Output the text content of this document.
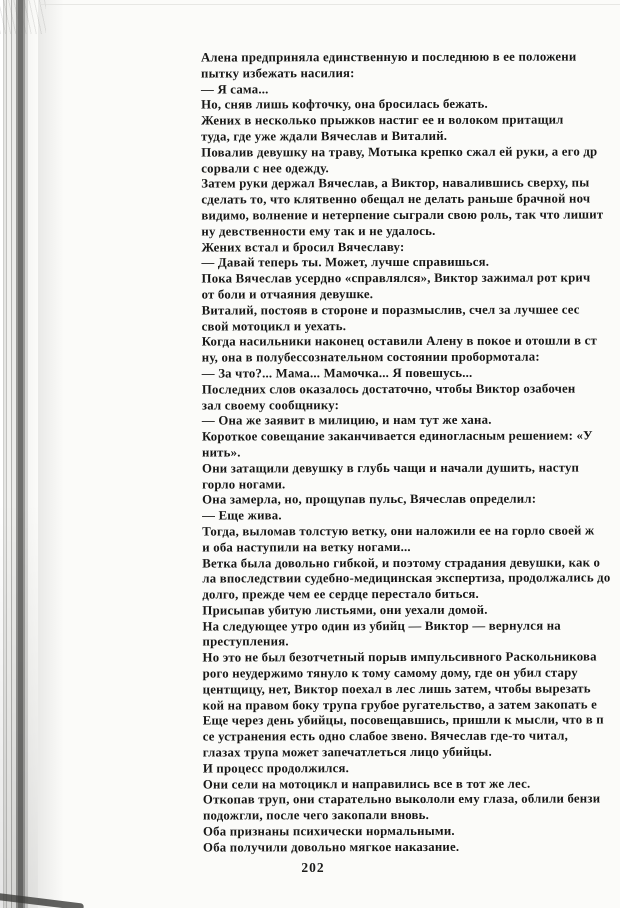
Алена предприняла единственную и последнюю в ее положени
пытку избежать насилия:
— Я сама...
Но, сняв лишь кофточку, она бросилась бежать.
Жених в несколько прыжков настиг ее и волоком притащил
туда, где уже ждали Вячеслав и Виталий.
Повалив девушку на траву, Мотыка крепко сжал ей руки, а его др
сорвали с нее одежду.
Затем руки держал Вячеслав, а Виктор, навалившись сверху, пы
сделать то, что клятвенно обещал не делать раньше брачной ноч
видимо, волнение и нетерпение сыграли свою роль, так что лишит
ну девственности ему так и не удалось.
Жених встал и бросил Вячеславу:
— Давай теперь ты. Может, лучше справишься.
Пока Вячеслав усердно «справлялся», Виктор зажимал рот крич
от боли и отчаяния девушке.
Виталий, постояв в стороне и поразмыслив, счел за лучшее сес
свой мотоцикл и уехать.
Когда насильники наконец оставили Алену в покое и отошли в ст
ну, она в полубессознательном состоянии пробормотала:
— За что?... Мама... Мамочка... Я повешусь...
Последних слов оказалось достаточно, чтобы Виктор озабочен
зал своему сообщнику:
— Она же заявит в милицию, и нам тут же хана.
Короткое совещание заканчивается единогласным решением: «У
нить».
Они затащили девушку в глубь чащи и начали душить, наступ
горло ногами.
Она замерла, но, прощупав пульс, Вячеслав определил:
— Еще жива.
Тогда, выломав толстую ветку, они наложили ее на горло своей ж
и оба наступили на ветку ногами...
Ветка была довольно гибкой, и поэтому страдания девушки, как о
ла впоследствии судебно-медицинская экспертиза, продолжались до
долго, прежде чем ее сердце перестало биться.
Присыпав убитую листьями, они уехали домой.
На следующее утро один из убийц — Виктор — вернулся на
преступления.
Но это не был безотчетный порыв импульсивного Раскольникова
рого неудержимо тянуло к тому самому дому, где он убил стару
центщицу, нет, Виктор поехал в лес лишь затем, чтобы вырезать
кой на правом боку трупа грубое ругательство, а затем закопать е
Еще через день убийцы, посовещавшись, пришли к мысли, что в п
се устранения есть одно слабое звено. Вячеслав где-то читал,
глазах трупа может запечатлеться лицо убийцы.
И процесс продолжился.
Они сели на мотоцикл и направились все в тот же лес.
Откопав труп, они старательно выкололи ему глаза, облили бензи
подожгли, после чего закопали вновь.
Оба признаны психически нормальными.
Оба получили довольно мягкое наказание.
202
